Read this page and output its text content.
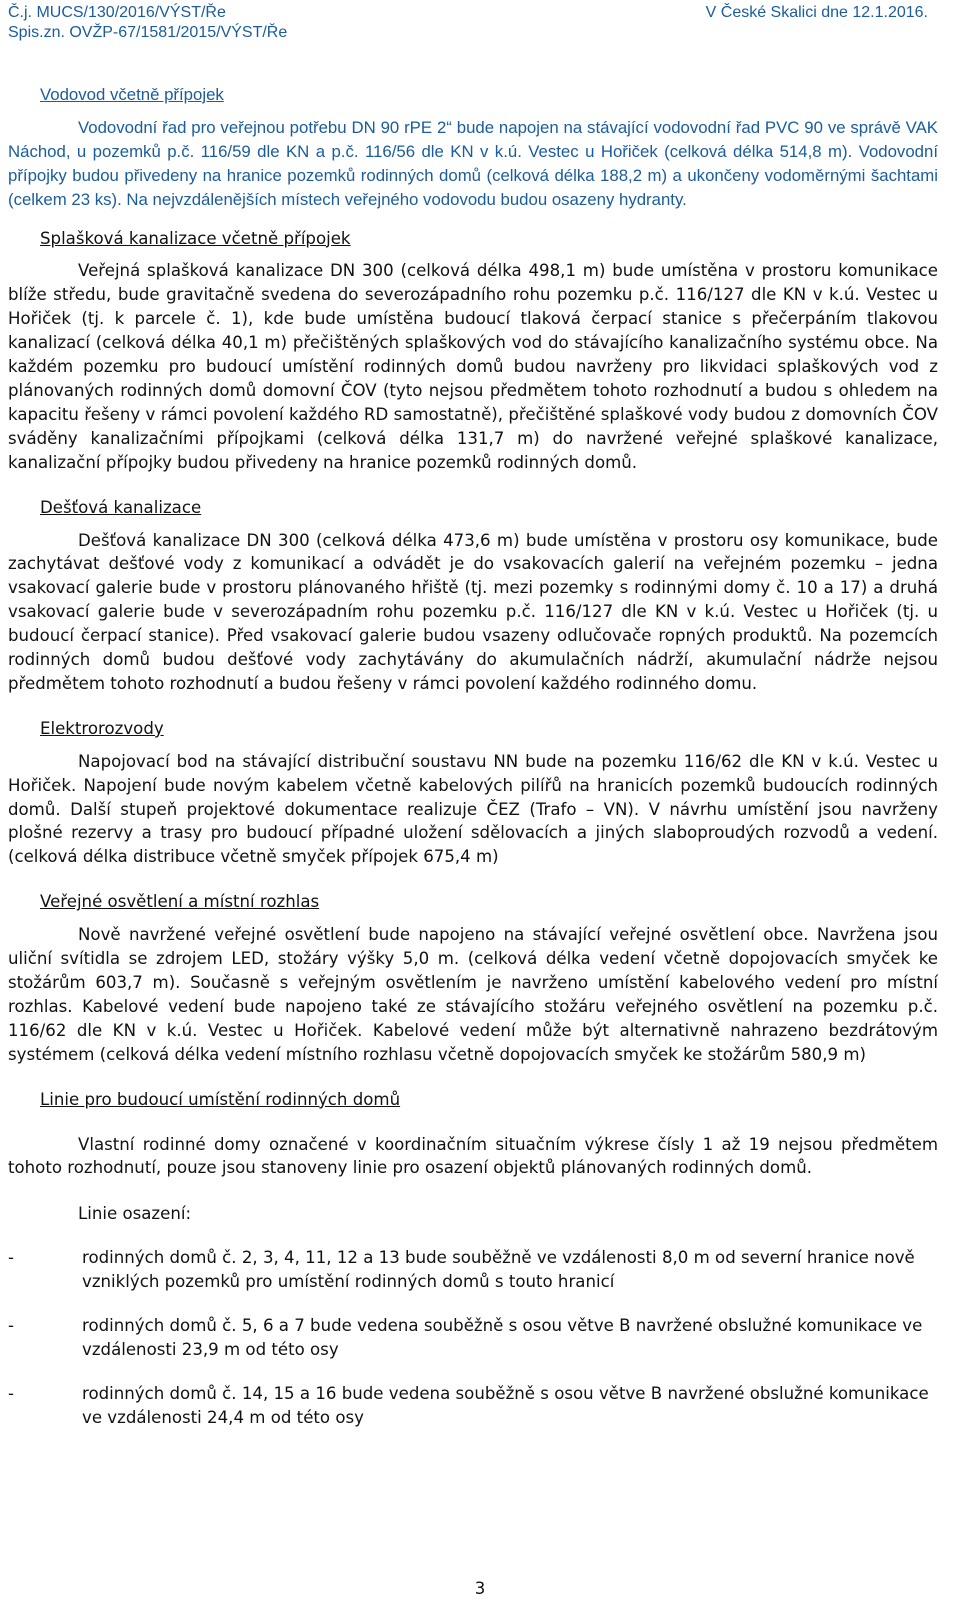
Č.j. MUCS/130/2016/VÝST/Ře
Spis.zn. OVŽP-67/1581/2015/VÝST/Ře
V České Skalici dne 12.1.2016.
Vodovod včetně přípojek

Vodovodní řad pro veřejnou potřebu DN 90 rPE 2“ bude napojen na stávající vodovodní řad PVC 90 ve správě VAK Náchod, u pozemků p.č. 116/59 dle KN a p.č. 116/56 dle KN v k.ú. Vestec u Hořiček (celková délka 514,8 m). Vodovodní přípojky budou přivedeny na hranice pozemků rodinných domů (celková délka 188,2 m) a ukončeny vodoměrnými šachtami (celkem 23 ks). Na nejvzdálenějších místech veřejného vodovodu budou osazeny hydranty.

Splašková kanalizace včetně přípojek

Veřejná splašková kanalizace DN 300 (celková délka 498,1 m) bude umístěna v prostoru komunikace blíže středu, bude gravitačně svedena do severozápadního rohu pozemku p.č. 116/127 dle KN v k.ú. Vestec u Hořiček (tj. k parcele č. 1), kde bude umístěna budoucí tlaková čerpací stanice s přečerpáním tlakovou kanalizací (celková délka 40,1 m) přečištěných splaškových vod do stávajícího kanalizačního systému obce. Na každém pozemku pro budoucí umístění rodinných domů budou navrženy pro likvidaci splaškových vod z plánovaných rodinných domů domovní ČOV (tyto nejsou předmětem tohoto rozhodnutí a budou s ohledem na kapacitu řešeny v rámci povolení každého RD samostatně), přečištěné splaškové vody budou z domovních ČOV sváděny kanalizačními přípojkami (celková délka 131,7 m) do navržené veřejné splaškové kanalizace, kanalizační přípojky budou přivedeny na hranice pozemků rodinných domů.

Dešťová kanalizace

Dešťová kanalizace DN 300 (celková délka 473,6 m) bude umístěna v prostoru osy komunikace, bude zachytávat dešťové vody z komunikací a odvádět je do vsakovacích galerií na veřejném pozemku – jedna vsakovací galerie bude v prostoru plánovaného hřiště (tj. mezi pozemky s rodinnými domy č. 10 a 17) a druhá vsakovací galerie bude v severozápadním rohu pozemku p.č. 116/127 dle KN v k.ú. Vestec u Hořiček (tj. u budoucí čerpací stanice). Před vsakovací galerie budou vsazeny odlučovače ropných produktů. Na pozemcích rodinných domů budou dešťové vody zachytávány do akumulačních nádrží, akumulační nádrže nejsou předmětem tohoto rozhodnutí a budou řešeny v rámci povolení každého rodinného domu.

Elektrorozvody

Napojovací bod na stávající distribuční soustavu NN bude na pozemku 116/62 dle KN v k.ú. Vestec u Hořiček. Napojení bude novým kabelem včetně kabelových pilířů na hranicích pozemků budoucích rodinných domů. Další stupeň projektové dokumentace realizuje ČEZ (Trafo – VN). V návrhu umístění jsou navrženy plošné rezervy a trasy pro budoucí případné uložení sdělovacích a jiných slaboproudých rozvodů a vedení. (celková délka distribuce včetně smyček přípojek 675,4 m)

Veřejné osvětlení a místní rozhlas

Nově navržené veřejné osvětlení bude napojeno na stávající veřejné osvětlení obce. Navržena jsou uliční svítidla se zdrojem LED, stožáry výšky 5,0 m. (celková délka vedení včetně dopojovacích smyček ke stožárům 603,7 m). Současně s veřejným osvětlením je navrženo umístění kabelového vedení pro místní rozhlas. Kabelové vedení bude napojeno také ze stávajícího stožáru veřejného osvětlení na pozemku p.č. 116/62 dle KN v k.ú. Vestec u Hořiček. Kabelové vedení může být alternativně nahrazeno bezdrátovým systémem (celková délka vedení místního rozhlasu včetně dopojovacích smyček ke stožárům 580,9 m)

Linie pro budoucí umístění rodinných domů

Vlastní rodinné domy označené v koordinačním situačním výkrese čísly 1 až 19 nejsou předmětem tohoto rozhodnutí, pouze jsou stanoveny linie pro osazení objektů plánovaných rodinných domů.

Linie osazení:
-	rodinných domů č. 2, 3, 4, 11, 12 a 13 bude souběžně ve vzdálenosti 8,0 m od severní hranice nově vzniklých pozemků pro umístění rodinných domů s touto hranicí
-	rodinných domů č. 5, 6 a 7 bude vedena souběžně s osou větve B navržené obslužné komunikace ve vzdálenosti 23,9 m od této osy
-	rodinných domů č. 14, 15 a 16 bude vedena souběžně s osou větve B navržené obslužné komunikace ve vzdálenosti 24,4 m od této osy
3
